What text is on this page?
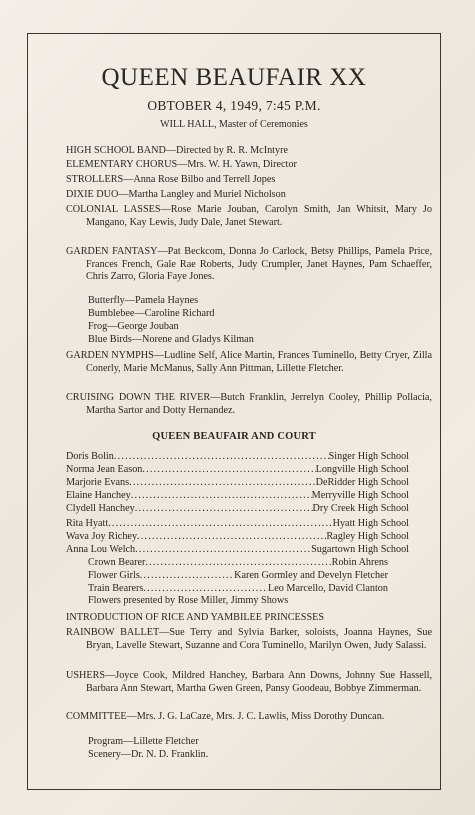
QUEEN BEAUFAIR XX
OBTOBER 4, 1949, 7:45 P.M.
WILL HALL, Master of Ceremonies
HIGH SCHOOL BAND—Directed by R. R. McIntyre
ELEMENTARY CHORUS—Mrs. W. H. Yawn, Director
STROLLERS—Anna Rose Bilbo and Terrell Jopes
DIXIE DUO—Martha Langley and Muriel Nicholson
COLONIAL LASSES—Rose Marie Jouban, Carolyn Smith, Jan Whitsit, Mary Jo Mangano, Kay Lewis, Judy Dale, Janet Stewart.
GARDEN FANTASY—Pat Beckcom, Donna Jo Carlock, Betsy Phillips, Pamela Price, Frances French, Gale Rae Roberts, Judy Crumpler, Janet Haynes, Pam Schaeffer, Chris Zarro, Gloria Faye Jones.
Butterfly—Pamela Haynes
Bumblebee—Caroline Richard
Frog—George Jouban
Blue Birds—Norene and Gladys Kilman
GARDEN NYMPHS—Ludline Self, Alice Martin, Frances Tuminello, Betty Cryer, Zilla Conerly, Marie McManus, Sally Ann Pittman, Lillette Fletcher.
CRUISING DOWN THE RIVER—Butch Franklin, Jerrelyn Cooley, Phillip Pollacia, Martha Sartor and Dotty Hernandez.
QUEEN BEAUFAIR AND COURT
Doris Bolin .....	Singer High School
Norma Jean Eason .....	Longville High School
Marjorie Evans .....	DeRidder High School
Elaine Hanchey .....	Merryville High School
Clydell Hanchey .....	Dry Creek High School
Rita Hyatt .....	Hyatt High School
Wava Joy Richey .....	Ragley High School
Anna Lou Welch .....	Sugartown High School
Crown Bearer .....	Robin Ahrens
Flower Girls .....	Karen Gormley and Develyn Fletcher
Train Bearers .....	Leo Marcello, David Clanton
Flowers presented by Rose Miller, Jimmy Shows
INTRODUCTION OF RICE AND YAMBILEE PRINCESSES
RAINBOW BALLET—Sue Terry and Sylvia Barker, soloists, Joanna Haynes, Sue Bryan, Lavelle Stewart, Suzanne and Cora Tuminello, Marilyn Owen, Judy Salassi.
USHERS—Joyce Cook, Mildred Hanchey, Barbara Ann Downs, Johnny Sue Hassell, Barbara Ann Stewart, Martha Gwen Green, Pansy Goodeau, Bobbye Zimmerman.
COMMITTEE—Mrs. J. G. LaCaze, Mrs. J. C. Lawlis, Miss Dorothy Duncan.
Program—Lillette Fletcher
Scenery—Dr. N. D. Franklin.
